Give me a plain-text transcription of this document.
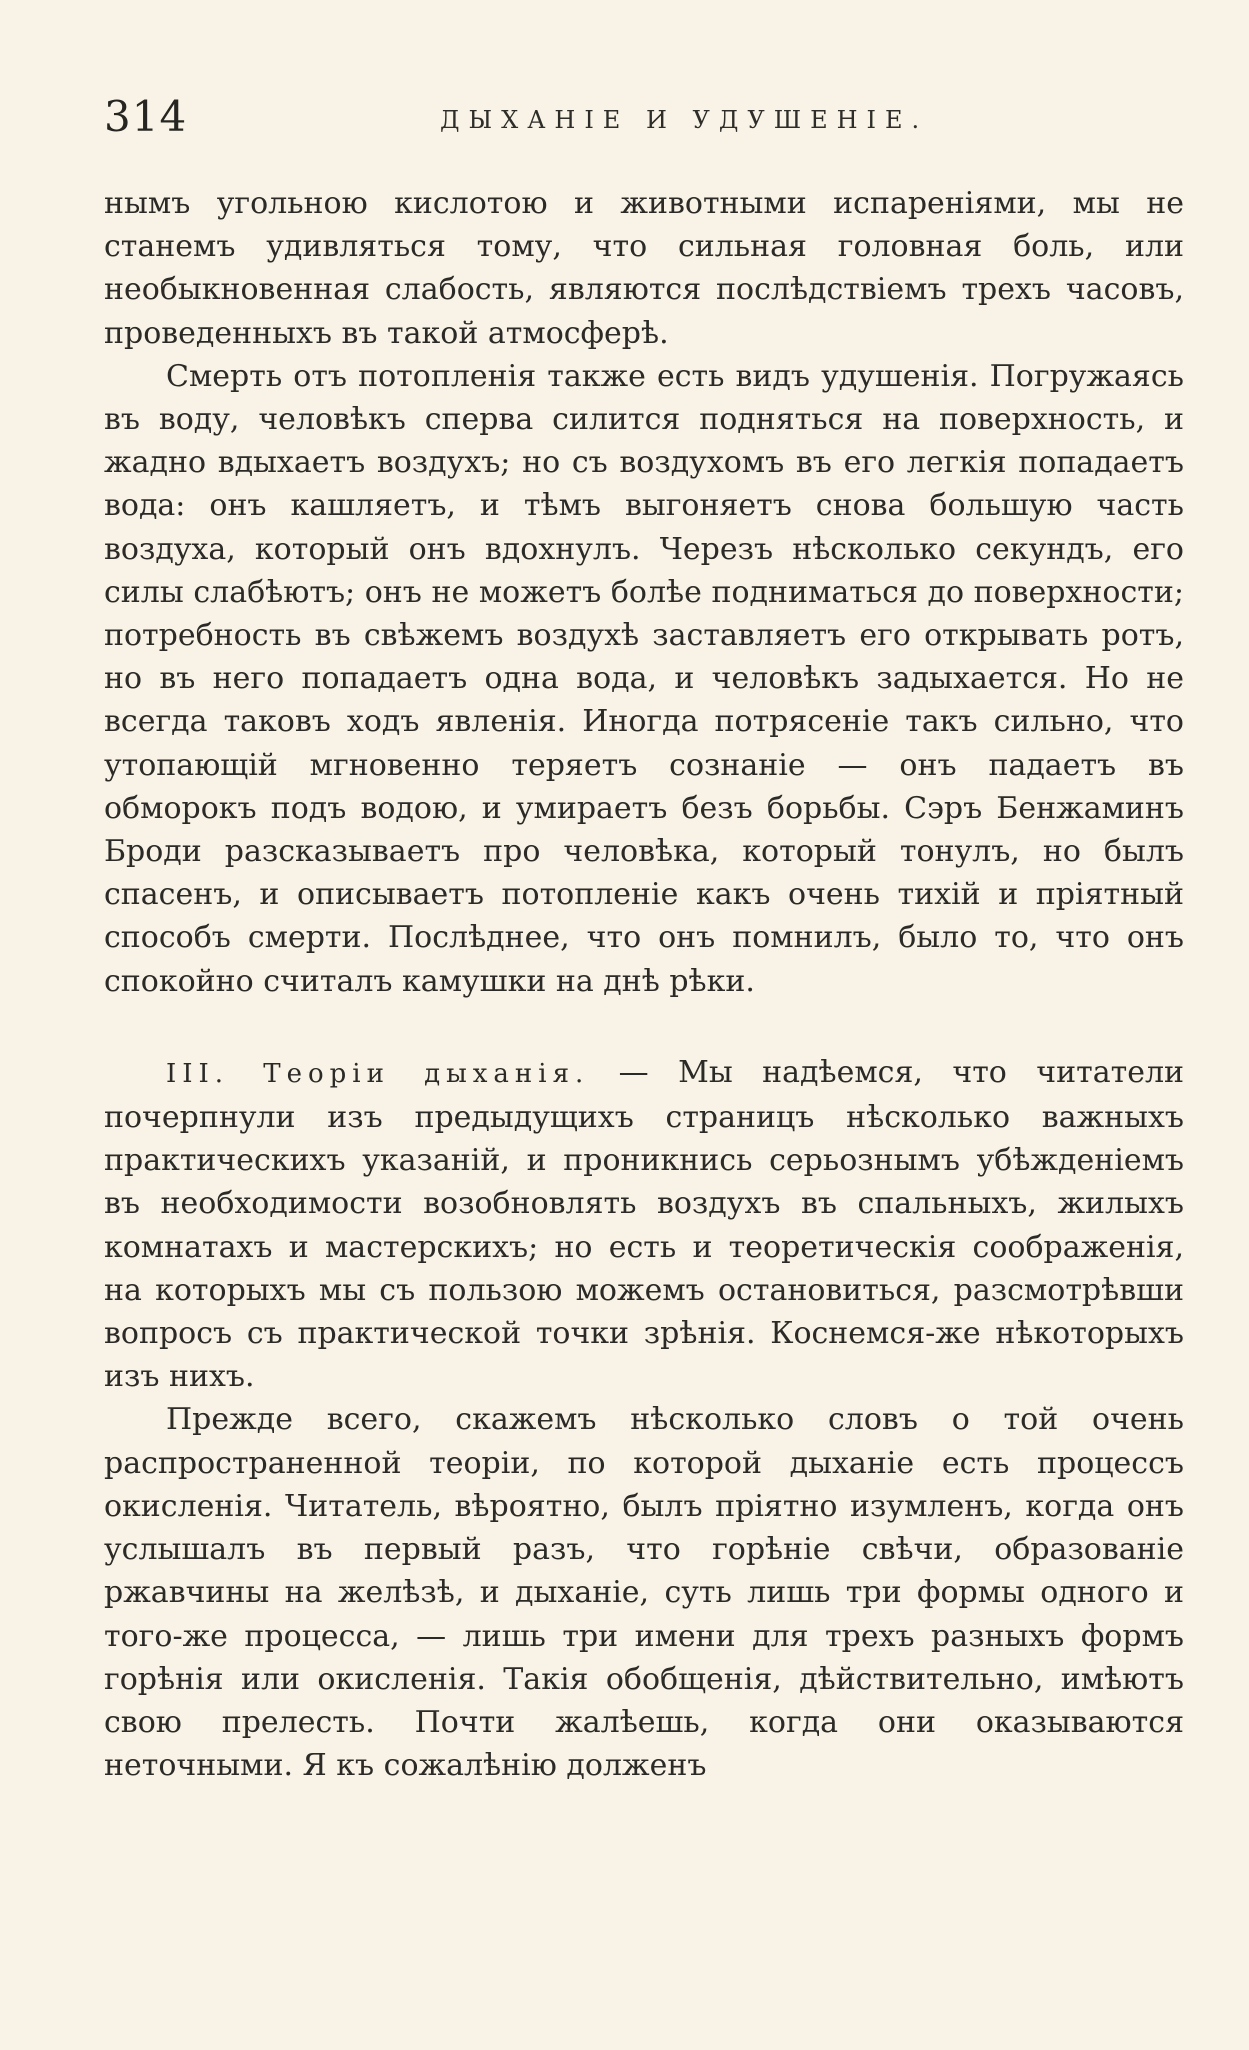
314	ДЫХАНІЕ И УДУШЕНІЕ.

нымъ угольною кислотою и животными испареніями, мы не станемъ удивляться тому, что сильная головная боль, или необыкновенная слабость, являются послѣдствіемъ трехъ часовъ, проведенныхъ въ такой атмосферѣ.

Смерть отъ потопленія также есть видъ удушенія. Погружаясь въ воду, человѣкъ сперва силится подняться на поверхность, и жадно вдыхаетъ воздухъ; но съ воздухомъ въ его легкія попадаетъ вода: онъ кашляетъ, и тѣмъ выгоняетъ снова большую часть воздуха, который онъ вдохнулъ. Черезъ нѣсколько секундъ, его силы слабѣютъ; онъ не можетъ болѣе подниматься до поверхности; потребность въ свѣжемъ воздухѣ заставляетъ его открывать ротъ, но въ него попадаетъ одна вода, и человѣкъ задыхается. Но не всегда таковъ ходъ явленія. Иногда потрясеніе такъ сильно, что утопающій мгновенно теряетъ сознаніе — онъ падаетъ въ обморокъ подъ водою, и умираетъ безъ борьбы. Сэръ Бенжаминъ Броди разсказываетъ про человѣка, который тонулъ, но былъ спасенъ, и описываетъ потопленіе какъ очень тихій и пріятный способъ смерти. Послѣднее, что онъ помнилъ, было то, что онъ спокойно считалъ камушки на днѣ рѣки.

III. Теоріи дыханія. — Мы надѣемся, что читатели почерпнули изъ предыдущихъ страницъ нѣсколько важныхъ практическихъ указаній, и проникнись серьознымъ убѣжденіемъ въ необходимости возобновлять воздухъ въ спальныхъ, жилыхъ комнатахъ и мастерскихъ; но есть и теоретическія соображенія, на которыхъ мы съ пользою можемъ остановиться, разсмотрѣвши вопросъ съ практической точки зрѣнія. Коснемся-же нѣкоторыхъ изъ нихъ.

Прежде всего, скажемъ нѣсколько словъ о той очень распространенной теоріи, по которой дыханіе есть процессъ окисленія. Читатель, вѣроятно, былъ пріятно изумленъ, когда онъ услышалъ въ первый разъ, что горѣніе свѣчи, образованіе ржавчины на желѣзѣ, и дыханіе, суть лишь три формы одного и того-же процесса, — лишь три имени для трехъ разныхъ формъ горѣнія или окисленія. Такія обобщенія, дѣйствительно, имѣютъ свою прелесть. Почти жалѣешь, когда они оказываются неточными. Я къ сожалѣнію долженъ
